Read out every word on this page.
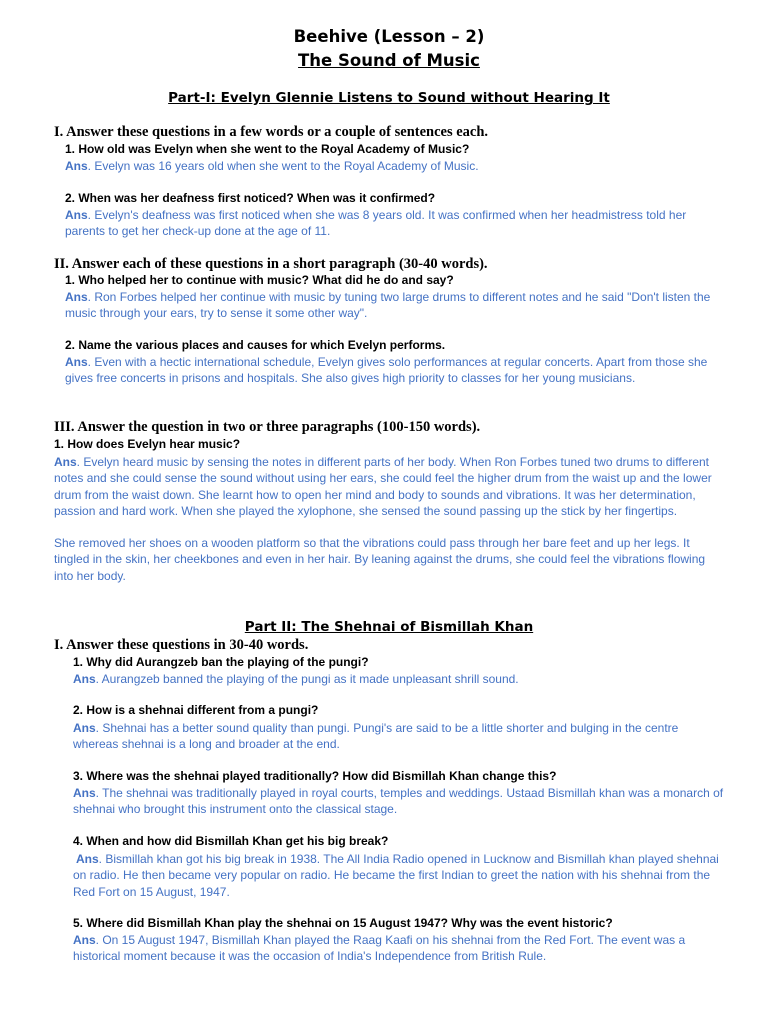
Beehive (Lesson – 2)
The Sound of Music
Part-I: Evelyn Glennie Listens to Sound without Hearing It
I. Answer these questions in a few words or a couple of sentences each.
1. How old was Evelyn when she went to the Royal Academy of Music?
Ans. Evelyn was 16 years old when she went to the Royal Academy of Music.
2. When was her deafness first noticed? When was it confirmed?
Ans. Evelyn's deafness was first noticed when she was 8 years old. It was confirmed when her headmistress told her parents to get her check-up done at the age of 11.
II. Answer each of these questions in a short paragraph (30-40 words).
1. Who helped her to continue with music? What did he do and say?
Ans. Ron Forbes helped her continue with music by tuning two large drums to different notes and he said "Don't listen the music through your ears, try to sense it some other way".
2. Name the various places and causes for which Evelyn performs.
Ans. Even with a hectic international schedule, Evelyn gives solo performances at regular concerts. Apart from those she gives free concerts in prisons and hospitals. She also gives high priority to classes for her young musicians.
III. Answer the question in two or three paragraphs (100-150 words).
1. How does Evelyn hear music?
Ans. Evelyn heard music by sensing the notes in different parts of her body. When Ron Forbes tuned two drums to different notes and she could sense the sound without using her ears, she could feel the higher drum from the waist up and the lower drum from the waist down. She learnt how to open her mind and body to sounds and vibrations. It was her determination, passion and hard work. When she played the xylophone, she sensed the sound passing up the stick by her fingertips.
She removed her shoes on a wooden platform so that the vibrations could pass through her bare feet and up her legs. It tingled in the skin, her cheekbones and even in her hair. By leaning against the drums, she could feel the vibrations flowing into her body.
Part II: The Shehnai of Bismillah Khan
I. Answer these questions in 30-40 words.
1. Why did Aurangzeb ban the playing of the pungi?
Ans. Aurangzeb banned the playing of the pungi as it made unpleasant shrill sound.
2. How is a shehnai different from a pungi?
Ans. Shehnai has a better sound quality than pungi. Pungi's are said to be a little shorter and bulging in the centre whereas shehnai is a long and broader at the end.
3. Where was the shehnai played traditionally? How did Bismillah Khan change this?
Ans. The shehnai was traditionally played in royal courts, temples and weddings. Ustaad Bismillah khan was a monarch of shehnai who brought this instrument onto the classical stage.
4. When and how did Bismillah Khan get his big break?
Ans. Bismillah khan got his big break in 1938. The All India Radio opened in Lucknow and Bismillah khan played shehnai on radio. He then became very popular on radio. He became the first Indian to greet the nation with his shehnai from the Red Fort on 15 August, 1947.
5. Where did Bismillah Khan play the shehnai on 15 August 1947? Why was the event historic?
Ans. On 15 August 1947, Bismillah Khan played the Raag Kaafi on his shehnai from the Red Fort. The event was a historical moment because it was the occasion of India's Independence from British Rule.
